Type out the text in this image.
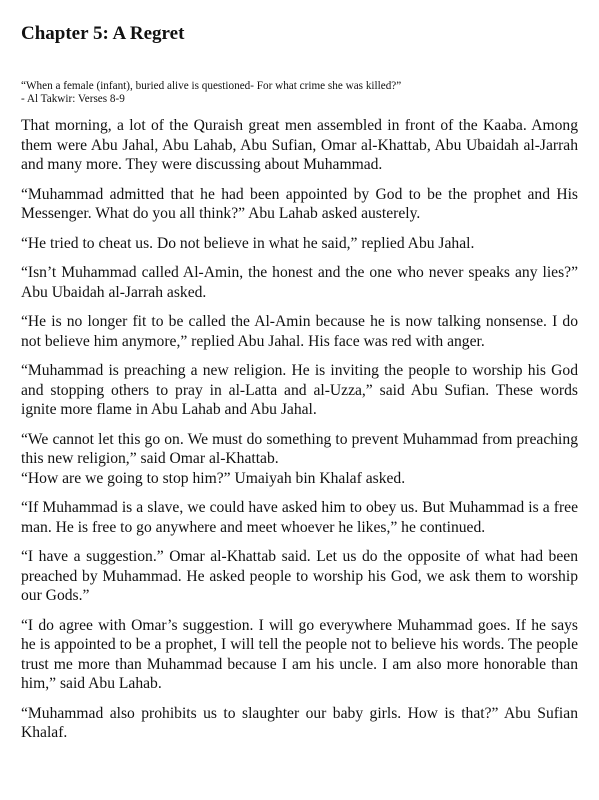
Chapter 5: A Regret
“When a female (infant), buried alive is questioned- For what crime she was killed?”
- Al Takwir: Verses 8-9

That morning, a lot of the Quraish great men assembled in front of the Kaaba. Among them were Abu Jahal, Abu Lahab, Abu Sufian, Omar al-Khattab, Abu Ubaidah al-Jarrah and many more. They were discussing about Muhammad.

“Muhammad admitted that he had been appointed by God to be the prophet and His Messenger. What do you all think?” Abu Lahab asked austerely.

“He tried to cheat us. Do not believe in what he said,” replied Abu Jahal.

“Isn’t Muhammad called Al-Amin, the honest and the one who never speaks any lies?” Abu Ubaidah al-Jarrah asked.

“He is no longer fit to be called the Al-Amin because he is now talking nonsense. I do not believe him anymore,” replied Abu Jahal. His face was red with anger.

“Muhammad is preaching a new religion. He is inviting the people to worship his God and stopping others to pray in al-Latta and al-Uzza,” said Abu Sufian. These words ignite more flame in Abu Lahab and Abu Jahal.

“We cannot let this go on. We must do something to prevent Muhammad from preaching this new religion,” said Omar al-Khattab.

“How are we going to stop him?” Umaiyah bin Khalaf asked.

“If Muhammad is a slave, we could have asked him to obey us. But Muhammad is a free man. He is free to go anywhere and meet whoever he likes,” he continued.

“I have a suggestion.” Omar al-Khattab said. Let us do the opposite of what had been preached by Muhammad. He asked people to worship his God, we ask them to worship our Gods.”

“I do agree with Omar’s suggestion. I will go everywhere Muhammad goes. If he says he is appointed to be a prophet, I will tell the people not to believe his words. The people trust me more than Muhammad because I am his uncle. I am also more honorable than him,” said Abu Lahab.

“Muhammad also prohibits us to slaughter our baby girls. How is that?” Abu Sufian Khalaf.
